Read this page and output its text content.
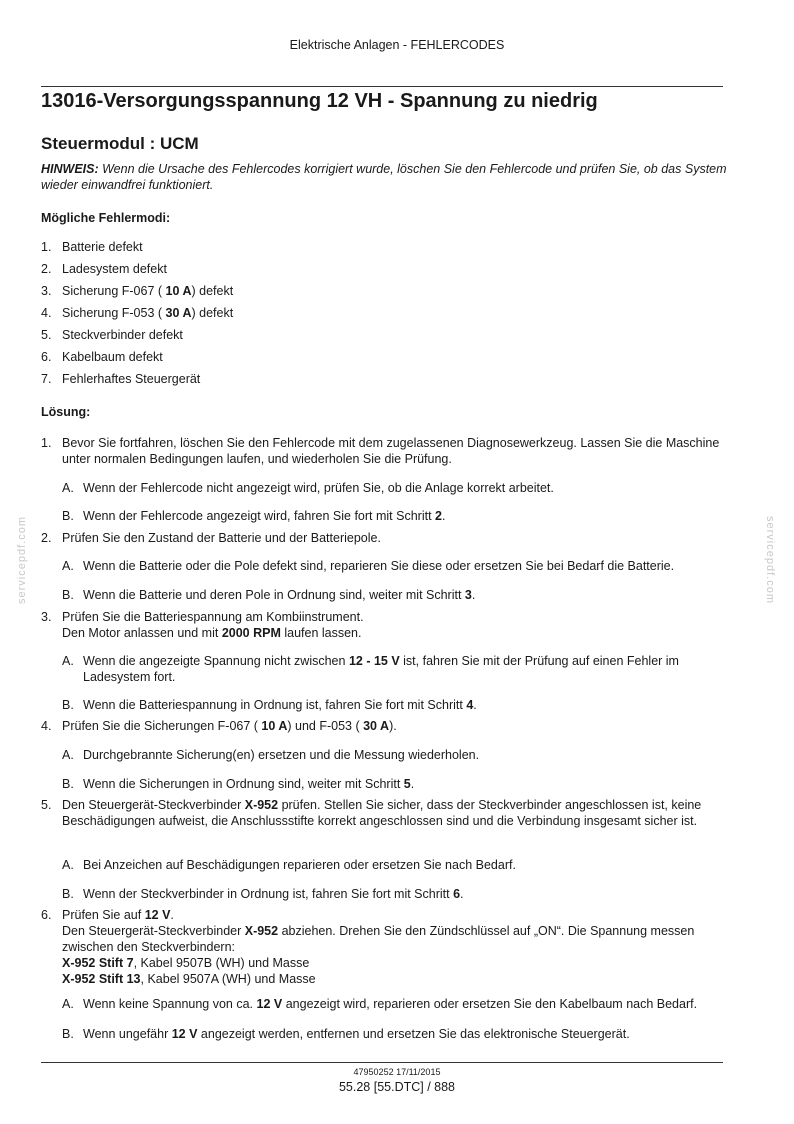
Elektrische Anlagen - FEHLERCODES
13016-Versorgungsspannung 12 VH - Spannung zu niedrig
Steuermodul : UCM
HINWEIS: Wenn die Ursache des Fehlercodes korrigiert wurde, löschen Sie den Fehlercode und prüfen Sie, ob das System wieder einwandfrei funktioniert.
Mögliche Fehlermodi:
1. Batterie defekt
2. Ladesystem defekt
3. Sicherung F-067 ( 10 A) defekt
4. Sicherung F-053 ( 30 A) defekt
5. Steckverbinder defekt
6. Kabelbaum defekt
7. Fehlerhaftes Steuergerät
Lösung:
1. Bevor Sie fortfahren, löschen Sie den Fehlercode mit dem zugelassenen Diagnosewerkzeug. Lassen Sie die Maschine unter normalen Bedingungen laufen, und wiederholen Sie die Prüfung.
A. Wenn der Fehlercode nicht angezeigt wird, prüfen Sie, ob die Anlage korrekt arbeitet.
B. Wenn der Fehlercode angezeigt wird, fahren Sie fort mit Schritt 2.
2. Prüfen Sie den Zustand der Batterie und der Batteriepole.
A. Wenn die Batterie oder die Pole defekt sind, reparieren Sie diese oder ersetzen Sie bei Bedarf die Batterie.
B. Wenn die Batterie und deren Pole in Ordnung sind, weiter mit Schritt 3.
3. Prüfen Sie die Batteriespannung am Kombiinstrument.
Den Motor anlassen und mit 2000 RPM laufen lassen.
A. Wenn die angezeigte Spannung nicht zwischen 12 - 15 V ist, fahren Sie mit der Prüfung auf einen Fehler im Ladesystem fort.
B. Wenn die Batteriespannung in Ordnung ist, fahren Sie fort mit Schritt 4.
4. Prüfen Sie die Sicherungen F-067 ( 10 A) und F-053 ( 30 A).
A. Durchgebrannte Sicherung(en) ersetzen und die Messung wiederholen.
B. Wenn die Sicherungen in Ordnung sind, weiter mit Schritt 5.
5. Den Steuergerät-Steckverbinder X-952 prüfen. Stellen Sie sicher, dass der Steckverbinder angeschlossen ist, keine Beschädigungen aufweist, die Anschlussstifte korrekt angeschlossen sind und die Verbindung insgesamt sicher ist.
A. Bei Anzeichen auf Beschädigungen reparieren oder ersetzen Sie nach Bedarf.
B. Wenn der Steckverbinder in Ordnung ist, fahren Sie fort mit Schritt 6.
6. Prüfen Sie auf 12 V.
Den Steuergerät-Steckverbinder X-952 abziehen. Drehen Sie den Zündschlüssel auf „ON“. Die Spannung messen zwischen den Steckverbindern:
X-952 Stift 7, Kabel 9507B (WH) und Masse
X-952 Stift 13, Kabel 9507A (WH) und Masse
A. Wenn keine Spannung von ca. 12 V angezeigt wird, reparieren oder ersetzen Sie den Kabelbaum nach Bedarf.
B. Wenn ungefähr 12 V angezeigt werden, entfernen und ersetzen Sie das elektronische Steuergerät.
servicepdf.com	servicepdf.com
47950252 17/11/2015
55.28 [55.DTC] / 888
